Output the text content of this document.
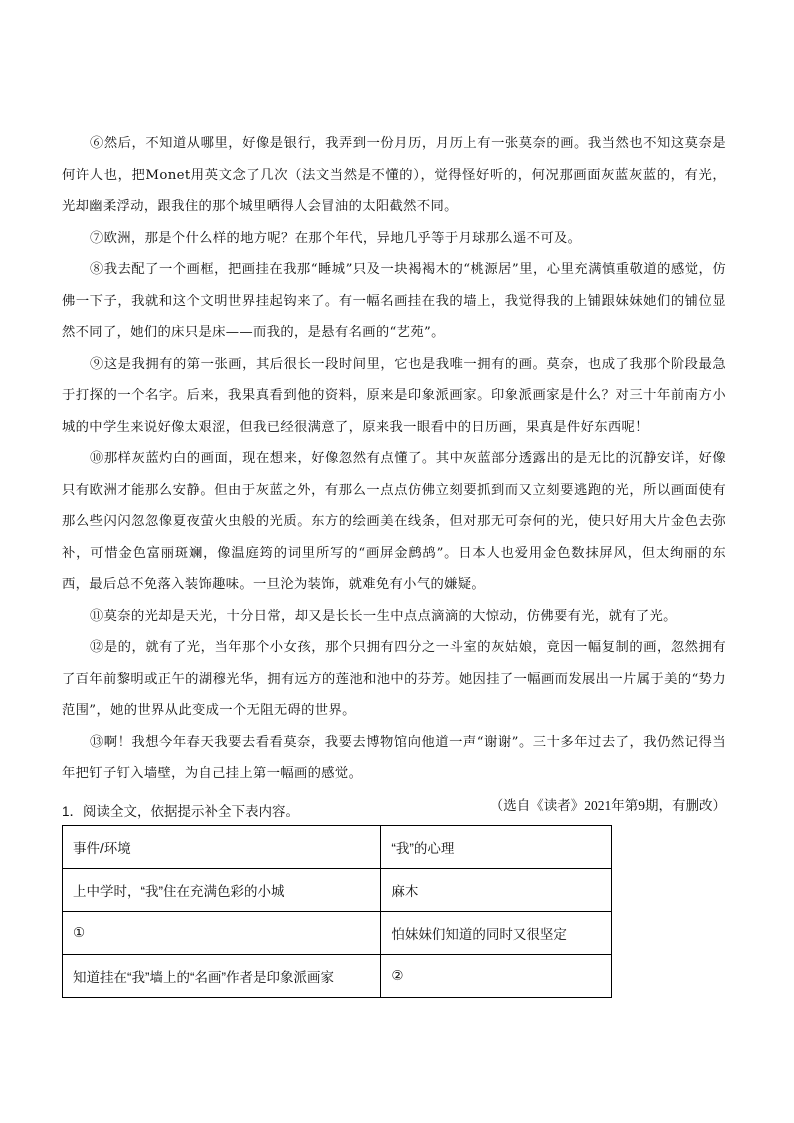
⑥然后，不知道从哪里，好像是银行，我弄到一份月历，月历上有一张莫奈的画。我当然也不知这莫奈是何许人也，把Monet用英文念了几次（法文当然是不懂的），觉得怪好听的，何况那画面灰蓝灰蓝的，有光，光却幽柔浮动，跟我住的那个城里晒得人会冒油的太阳截然不同。

⑦欧洲，那是个什么样的地方呢？在那个年代，异地几乎等于月球那么遥不可及。

⑧我去配了一个画框，把画挂在我那“睡城”只及一块褐褐木的“桃源居”里，心里充满慎重敬道的感觉，仿佛一下子，我就和这个文明世界挂起钩来了。有一幅名画挂在我的墙上，我觉得我的上铺跟妹妹她们的铺位显然不同了，她们的床只是床——而我的，是悬有名画的“艺苑”。

⑨这是我拥有的第一张画，其后很长一段时间里，它也是我唯一拥有的画。莫奈，也成了我那个阶段最急于打探的一个名字。后来，我果真看到他的资料，原来是印象派画家。印象派画家是什么？对三十年前南方小城的中学生来说好像太艰涩，但我已经很满意了，原来我一眼看中的日历画，果真是件好东西呢！

⑩那样灰蓝灼白的画面，现在想来，好像忽然有点懂了。其中灰蓝部分透露出的是无比的沉静安详，好像只有欧洲才能那么安静。但由于灰蓝之外，有那么一点点仿佛立刻要抓到而又立刻要逃跑的光，所以画面使有那么些闪闪忽忽像夏夜萤火虫般的光质。东方的绘画美在线条，但对那无可奈何的光，使只好用大片金色去弥补，可惜金色富丽斑斓，像温庭筠的词里所写的“画屏金鹧鸪”。日本人也爱用金色数抹屏风，但太绚丽的东西，最后总不免落入装饰趣味。一旦沦为装饰，就难免有小气的嫌疑。

⑪莫奈的光却是天光，十分日常，却又是长长一生中点点滴滴的大惊动，仿佛要有光，就有了光。

⑫是的，就有了光，当年那个小女孩，那个只拥有四分之一斗室的灰姑娘，竟因一幅复制的画，忽然拥有了百年前黎明或正午的湖穆光华，拥有远方的莲池和池中的芬芳。她因挂了一幅画而发展出一片属于美的“势力范围”，她的世界从此变成一个无阻无碍的世界。

⑬啊！我想今年春天我要去看看莫奈，我要去博物馆向他道一声“谢谢”。三十多年过去了，我仍然记得当年把钉子钉入墙壁，为自己挂上第一幅画的感觉。

（选自《读者》2021年第9期，有删改）

1．阅读全文，依据提示补全下表内容。

事件/环境	“我”的心理
上中学时，“我”住在充满色彩的小城	麻木
①	怕妹妹们知道的同时又很坚定
知道挂在“我”墙上的“名画”作者是印象派画家	②
